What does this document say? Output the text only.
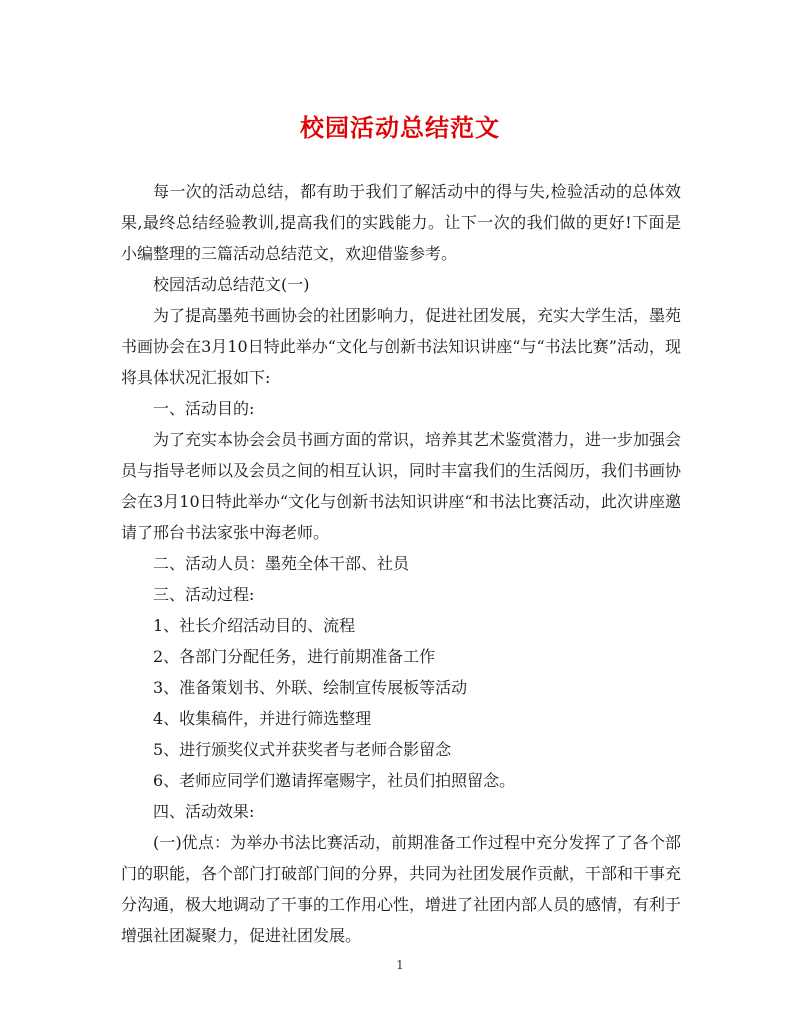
校园活动总结范文

每一次的活动总结，都有助于我们了解活动中的得与失,检验活动的总体效果,最终总结经验教训,提高我们的实践能力。让下一次的我们做的更好!下面是小编整理的三篇活动总结范文，欢迎借鉴参考。

校园活动总结范文(一)

为了提高墨苑书画协会的社团影响力，促进社团发展，充实大学生活，墨苑书画协会在3月10日特此举办“文化与创新书法知识讲座“与“书法比赛”活动，现将具体状况汇报如下:

一、活动目的:

为了充实本协会会员书画方面的常识，培养其艺术鉴赏潜力，进一步加强会员与指导老师以及会员之间的相互认识，同时丰富我们的生活阅历，我们书画协会在3月10日特此举办“文化与创新书法知识讲座“和书法比赛活动，此次讲座邀请了邢台书法家张中海老师。

二、活动人员：墨苑全体干部、社员

三、活动过程:

1、社长介绍活动目的、流程

2、各部门分配任务，进行前期准备工作

3、准备策划书、外联、绘制宣传展板等活动

4、收集稿件，并进行筛选整理

5、进行颁奖仪式并获奖者与老师合影留念

6、老师应同学们邀请挥毫赐字，社员们拍照留念。

四、活动效果:

(一)优点：为举办书法比赛活动，前期准备工作过程中充分发挥了了各个部门的职能，各个部门打破部门间的分界，共同为社团发展作贡献，干部和干事充分沟通，极大地调动了干事的工作用心性，增进了社团内部人员的感情，有利于增强社团凝聚力，促进社团发展。

1
